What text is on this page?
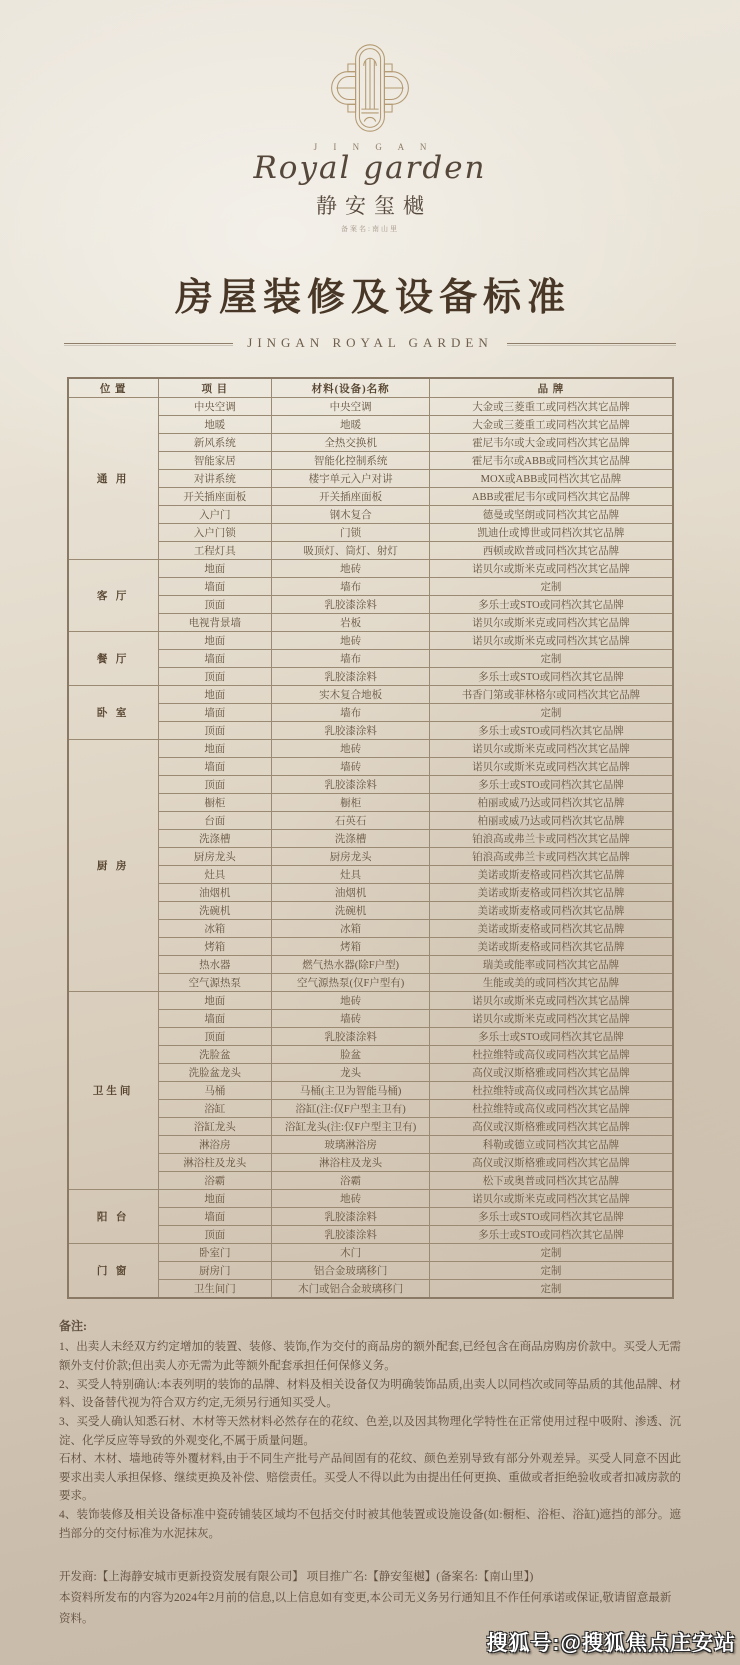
J I N G A N
Royal garden
静安玺樾
备案名:南山里
房屋装修及设备标准
JINGAN ROYAL GARDEN
位 置	项 目	材料(设备)名称	品 牌
通 用	中央空调	中央空调	大金或三菱重工或同档次其它品牌
	地暖	地暖	大金或三菱重工或同档次其它品牌
	新风系统	全热交换机	霍尼韦尔或大金或同档次其它品牌
	智能家居	智能化控制系统	霍尼韦尔或ABB或同档次其它品牌
	对讲系统	楼宇单元入户对讲	MOX或ABB或同档次其它品牌
	开关插座面板	开关插座面板	ABB或霍尼韦尔或同档次其它品牌
	入户门	钢木复合	德曼或坚朗或同档次其它品牌
	入户门锁	门锁	凯迪仕或博世或同档次其它品牌
	工程灯具	吸顶灯、筒灯、射灯	西顿或欧普或同档次其它品牌
客 厅	地面	地砖	诺贝尔或斯米克或同档次其它品牌
	墙面	墙布	定制
	顶面	乳胶漆涂料	多乐士或STO或同档次其它品牌
	电视背景墙	岩板	诺贝尔或斯米克或同档次其它品牌
餐 厅	地面	地砖	诺贝尔或斯米克或同档次其它品牌
	墙面	墙布	定制
	顶面	乳胶漆涂料	多乐士或STO或同档次其它品牌
卧 室	地面	实木复合地板	书香门第或菲林格尔或同档次其它品牌
	墙面	墙布	定制
	顶面	乳胶漆涂料	多乐士或STO或同档次其它品牌
厨 房	地面	地砖	诺贝尔或斯米克或同档次其它品牌
	墙面	墙砖	诺贝尔或斯米克或同档次其它品牌
	顶面	乳胶漆涂料	多乐士或STO或同档次其它品牌
	橱柜	橱柜	柏丽或威乃达或同档次其它品牌
	台面	石英石	柏丽或威乃达或同档次其它品牌
	洗涤槽	洗涤槽	铂浪高或弗兰卡或同档次其它品牌
	厨房龙头	厨房龙头	铂浪高或弗兰卡或同档次其它品牌
	灶具	灶具	美诺或斯麦格或同档次其它品牌
	油烟机	油烟机	美诺或斯麦格或同档次其它品牌
	洗碗机	洗碗机	美诺或斯麦格或同档次其它品牌
	冰箱	冰箱	美诺或斯麦格或同档次其它品牌
	烤箱	烤箱	美诺或斯麦格或同档次其它品牌
	热水器	燃气热水器(除F户型)	瑞美或能率或同档次其它品牌
	空气源热泵	空气源热泵(仅F户型有)	生能或美的或同档次其它品牌
卫生间	地面	地砖	诺贝尔或斯米克或同档次其它品牌
	墙面	墙砖	诺贝尔或斯米克或同档次其它品牌
	顶面	乳胶漆涂料	多乐士或STO或同档次其它品牌
	洗脸盆	脸盆	杜拉维特或高仪或同档次其它品牌
	洗脸盆龙头	龙头	高仪或汉斯格雅或同档次其它品牌
	马桶	马桶(主卫为智能马桶)	杜拉维特或高仪或同档次其它品牌
	浴缸	浴缸(注:仅F户型主卫有)	杜拉维特或高仪或同档次其它品牌
	浴缸龙头	浴缸龙头(注:仅F户型主卫有)	高仪或汉斯格雅或同档次其它品牌
	淋浴房	玻璃淋浴房	科勒或德立或同档次其它品牌
	淋浴柱及龙头	淋浴柱及龙头	高仪或汉斯格雅或同档次其它品牌
	浴霸	浴霸	松下或奥普或同档次其它品牌
阳 台	地面	地砖	诺贝尔或斯米克或同档次其它品牌
	墙面	乳胶漆涂料	多乐士或STO或同档次其它品牌
	顶面	乳胶漆涂料	多乐士或STO或同档次其它品牌
门 窗	卧室门	木门	定制
	厨房门	铝合金玻璃移门	定制
	卫生间门	木门或铝合金玻璃移门	定制
备注:

1、出卖人未经双方约定增加的装置、装修、装饰,作为交付的商品房的额外配套,已经包含在商品房购房价款中。买受人无需额外支付价款;但出卖人亦无需为此等额外配套承担任何保修义务。

2、买受人特别确认:本表列明的装饰的品牌、材料及相关设备仅为明确装饰品质,出卖人以同档次或同等品质的其他品牌、材料、设备替代视为符合双方约定,无须另行通知买受人。

3、买受人确认知悉石材、木材等天然材料必然存在的花纹、色差,以及因其物理化学特性在正常使用过程中吸附、渗透、沉淀、化学反应等导致的外观变化,不属于质量问题。

石材、木材、墙地砖等外覆材料,由于不同生产批号产品间固有的花纹、颜色差别导致有部分外观差异。买受人同意不因此要求出卖人承担保修、继续更换及补偿、赔偿责任。买受人不得以此为由提出任何更换、重做或者拒绝验收或者扣减房款的要求。

4、装饰装修及相关设备标准中瓷砖铺装区域均不包括交付时被其他装置或设施设备(如:橱柜、浴柜、浴缸)遮挡的部分。遮挡部分的交付标准为水泥抹灰。

开发商:【上海静安城市更新投资发展有限公司】 项目推广名:【静安玺樾】(备案名:【南山里】)
本资料所发布的内容为2024年2月前的信息,以上信息如有变更,本公司无义务另行通知且不作任何承诺或保证,敬请留意最新资料。
搜狐号:@搜狐焦点庄安站
